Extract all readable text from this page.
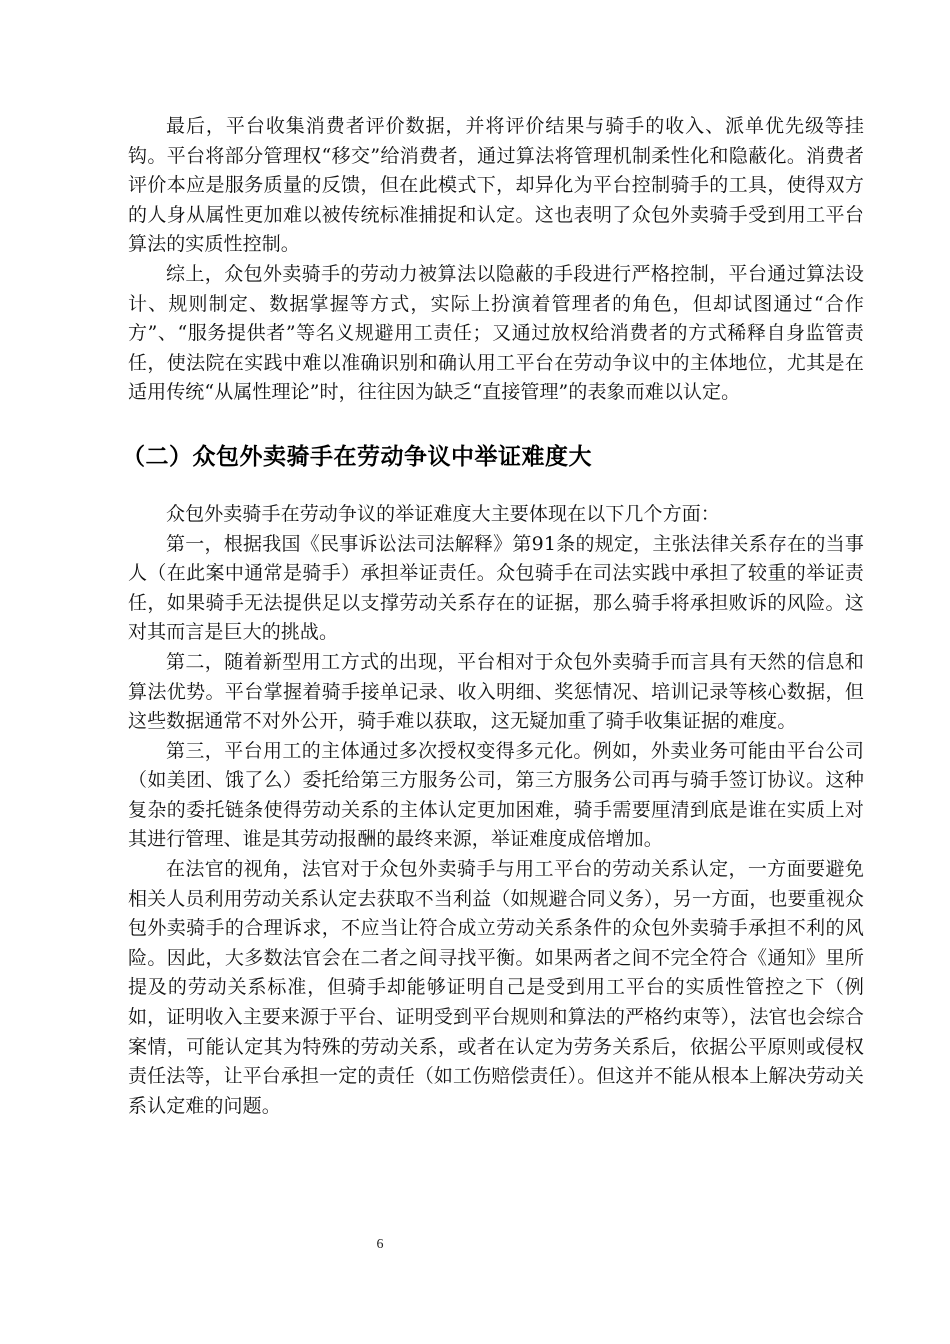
最后，平台收集消费者评价数据，并将评价结果与骑手的收入、派单优先级等挂钩。平台将部分管理权“移交”给消费者，通过算法将管理机制柔性化和隐蔽化。消费者评价本应是服务质量的反馈，但在此模式下，却异化为平台控制骑手的工具，使得双方的人身从属性更加难以被传统标准捕捉和认定。这也表明了众包外卖骑手受到用工平台算法的实质性控制。

综上，众包外卖骑手的劳动力被算法以隐蔽的手段进行严格控制，平台通过算法设计、规则制定、数据掌握等方式，实际上扮演着管理者的角色，但却试图通过“合作方”、“服务提供者”等名义规避用工责任；又通过放权给消费者的方式稀释自身监管责任，使法院在实践中难以准确识别和确认用工平台在劳动争议中的主体地位，尤其是在适用传统“从属性理论”时，往往因为缺乏“直接管理”的表象而难以认定。

（二）众包外卖骑手在劳动争议中举证难度大

众包外卖骑手在劳动争议的举证难度大主要体现在以下几个方面：

第一，根据我国《民事诉讼法司法解释》第91条的规定，主张法律关系存在的当事人（在此案中通常是骑手）承担举证责任。众包骑手在司法实践中承担了较重的举证责任，如果骑手无法提供足以支撑劳动关系存在的证据，那么骑手将承担败诉的风险。这对其而言是巨大的挑战。

第二，随着新型用工方式的出现，平台相对于众包外卖骑手而言具有天然的信息和算法优势。平台掌握着骑手接单记录、收入明细、奖惩情况、培训记录等核心数据，但这些数据通常不对外公开，骑手难以获取，这无疑加重了骑手收集证据的难度。

第三，平台用工的主体通过多次授权变得多元化。例如，外卖业务可能由平台公司（如美团、饿了么）委托给第三方服务公司，第三方服务公司再与骑手签订协议。这种复杂的委托链条使得劳动关系的主体认定更加困难，骑手需要厘清到底是谁在实质上对其进行管理、谁是其劳动报酬的最终来源，举证难度成倍增加。

在法官的视角，法官对于众包外卖骑手与用工平台的劳动关系认定，一方面要避免相关人员利用劳动关系认定去获取不当利益（如规避合同义务），另一方面，也要重视众包外卖骑手的合理诉求，不应当让符合成立劳动关系条件的众包外卖骑手承担不利的风险。因此，大多数法官会在二者之间寻找平衡。如果两者之间不完全符合《通知》里所提及的劳动关系标准，但骑手却能够证明自己是受到用工平台的实质性管控之下（例如，证明收入主要来源于平台、证明受到平台规则和算法的严格约束等），法官也会综合案情，可能认定其为特殊的劳动关系，或者在认定为劳务关系后，依据公平原则或侵权责任法等，让平台承担一定的责任（如工伤赔偿责任）。但这并不能从根本上解决劳动关系认定难的问题。

6
